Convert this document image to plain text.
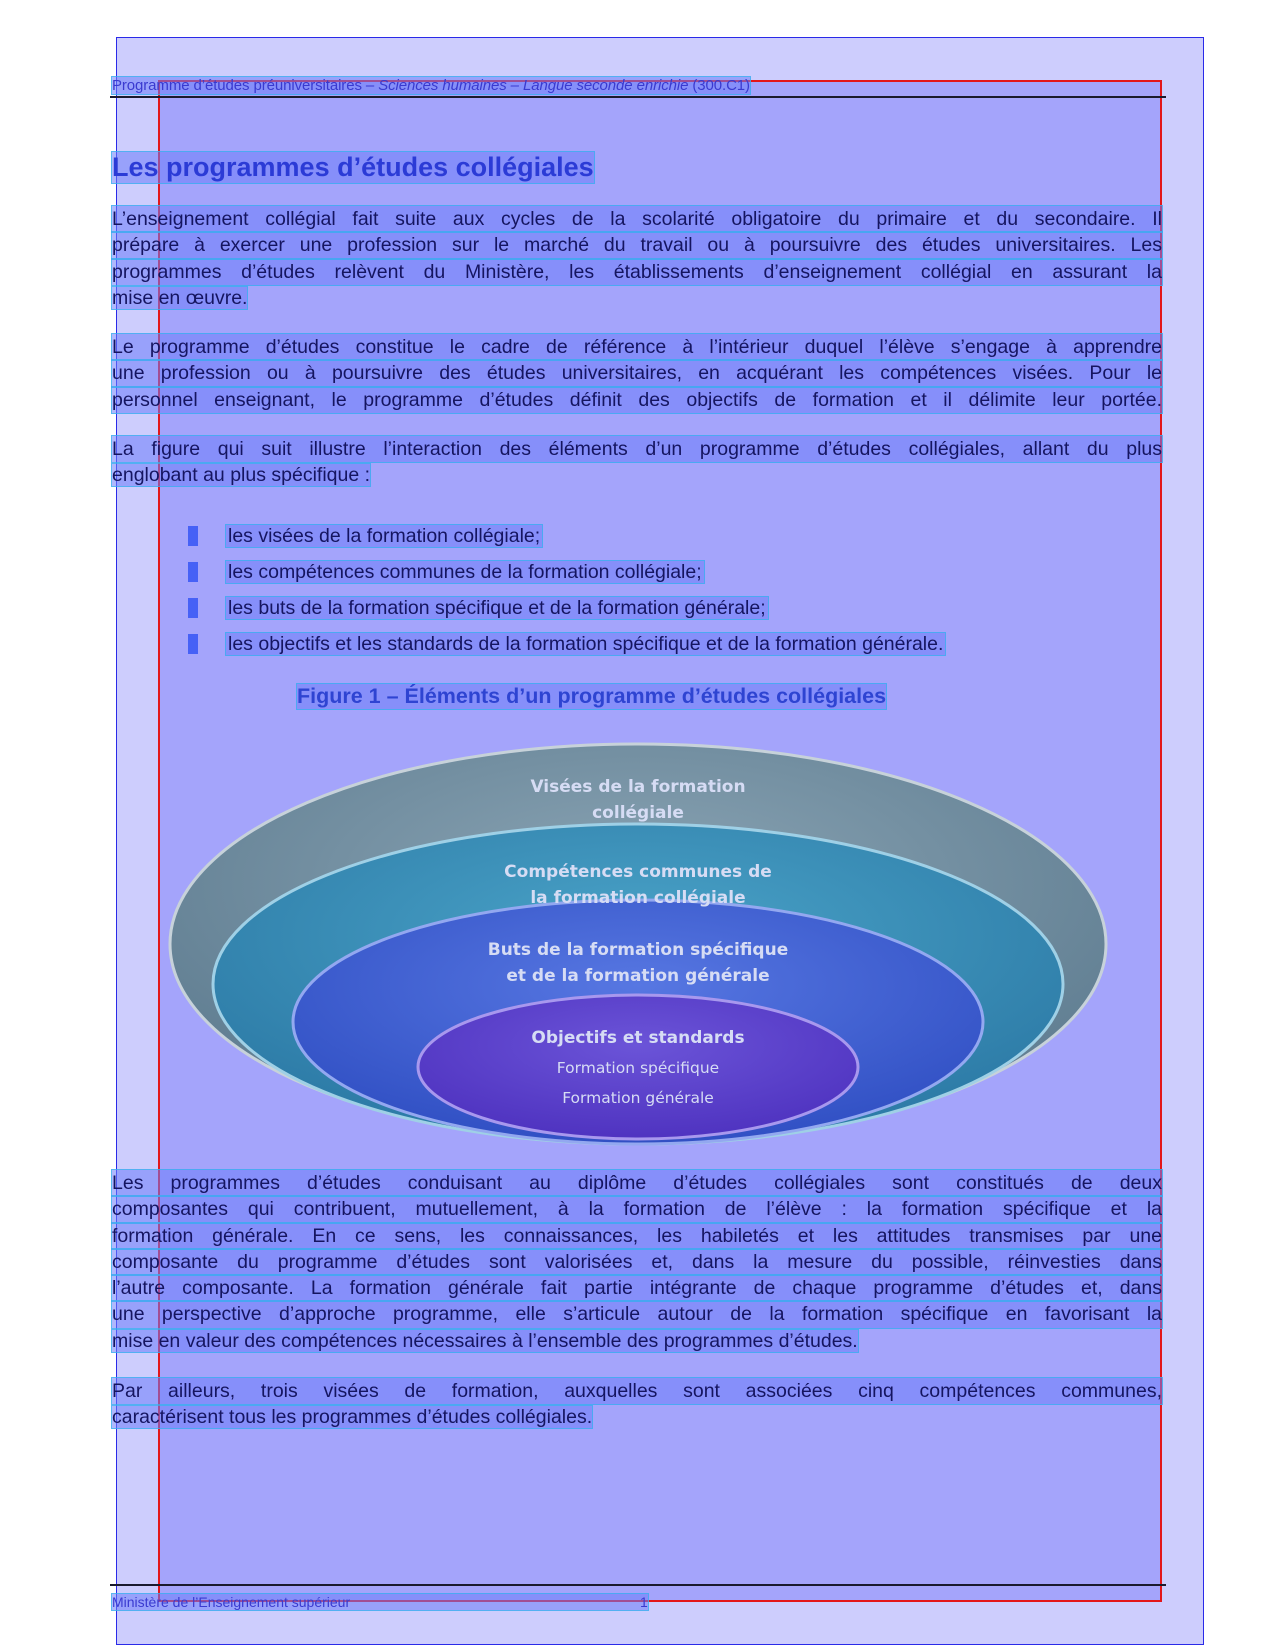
Programme d’études préuniversitaires – Sciences humaines – Langue seconde enrichie (300.C1)
Les programmes d’études collégiales
L’enseignement collégial fait suite aux cycles de la scolarité obligatoire du primaire et du secondaire. Il
prépare à exercer une profession sur le marché du travail ou à poursuivre des études universitaires. Les
programmes d’études relèvent du Ministère, les établissements d’enseignement collégial en assurant la
mise en œuvre.
Le programme d’études constitue le cadre de référence à l’intérieur duquel l’élève s’engage à apprendre
une profession ou à poursuivre des études universitaires, en acquérant les compétences visées. Pour le
personnel enseignant, le programme d’études définit des objectifs de formation et il délimite leur portée.
La figure qui suit illustre l’interaction des éléments d’un programme d’études collégiales, allant du plus
englobant au plus spécifique :
les visées de la formation collégiale;
les compétences communes de la formation collégiale;
les buts de la formation spécifique et de la formation générale;
les objectifs et les standards de la formation spécifique et de la formation générale.
Figure 1 – Éléments d’un programme d’études collégiales
Visées de la formation
collégiale
Compétences communes de
la formation collégiale
Buts de la formation spécifique
et de la formation générale
Objectifs et standards
Formation spécifique
Formation générale
Les programmes d’études conduisant au diplôme d’études collégiales sont constitués de deux
composantes qui contribuent, mutuellement, à la formation de l’élève : la formation spécifique et la
formation générale. En ce sens, les connaissances, les habiletés et les attitudes transmises par une
composante du programme d’études sont valorisées et, dans la mesure du possible, réinvesties dans
l’autre composante. La formation générale fait partie intégrante de chaque programme d’études et, dans
une perspective d’approche programme, elle s’articule autour de la formation spécifique en favorisant la
mise en valeur des compétences nécessaires à l’ensemble des programmes d’études.
Par ailleurs, trois visées de formation, auxquelles sont associées cinq compétences communes,
caractérisent tous les programmes d’études collégiales.
Ministère de l’Enseignement supérieur	1
